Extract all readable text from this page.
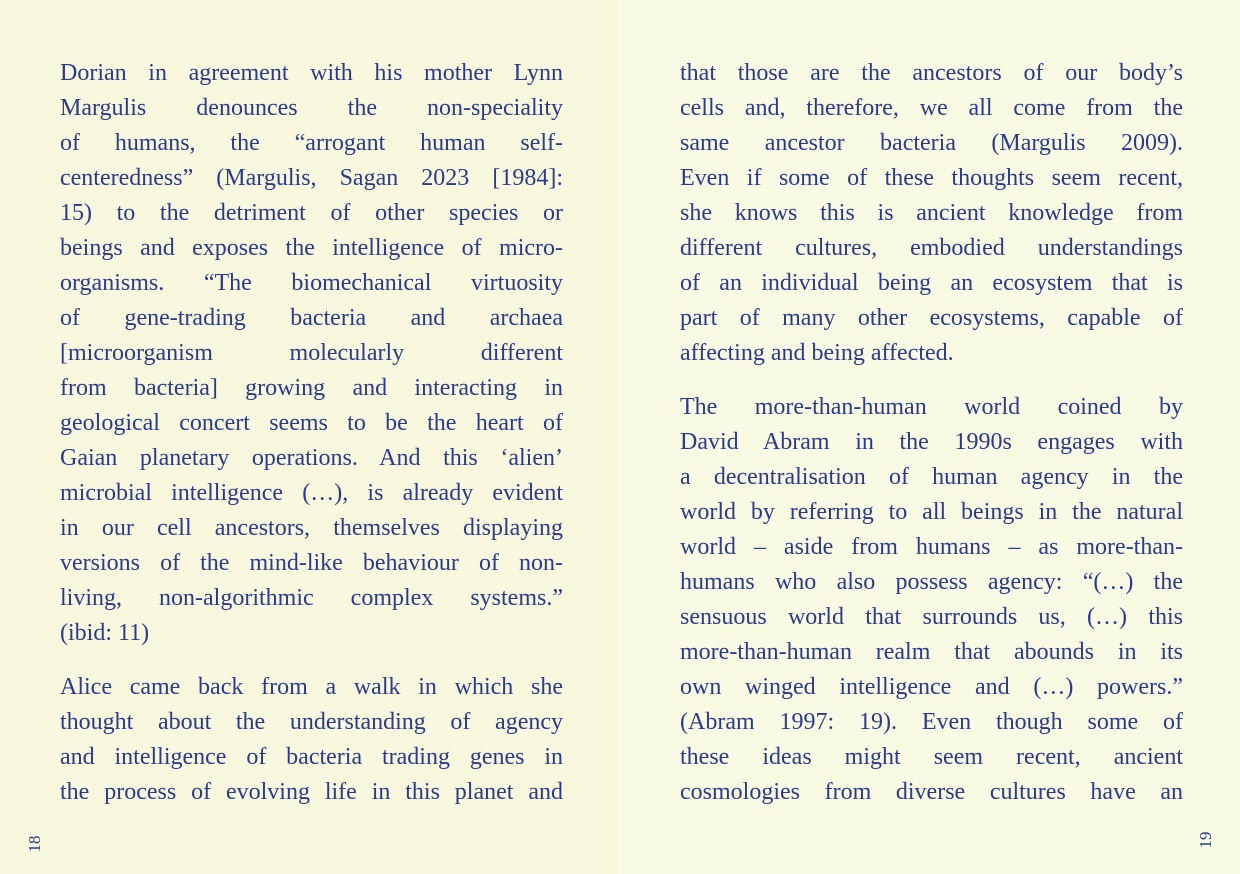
Dorian in agreement with his mother Lynn
Margulis denounces the non-speciality
of humans, the “arrogant human self-
centeredness” (Margulis, Sagan 2023 [1984]:
15) to the detriment of other species or
beings and exposes the intelligence of micro-
organisms. “The biomechanical virtuosity
of gene-trading bacteria and archaea
[microorganism molecularly different
from bacteria] growing and interacting in
geological concert seems to be the heart of
Gaian planetary operations. And this ‘alien’
microbial intelligence (…), is already evident
in our cell ancestors, themselves displaying
versions of the mind-like behaviour of non-
living, non-algorithmic complex systems.”
(ibid: 11)
Alice came back from a walk in which she
thought about the understanding of agency
and intelligence of bacteria trading genes in
the process of evolving life in this planet and
18
that those are the ancestors of our body’s
cells and, therefore, we all come from the
same ancestor bacteria (Margulis 2009).
Even if some of these thoughts seem recent,
she knows this is ancient knowledge from
different cultures, embodied understandings
of an individual being an ecosystem that is
part of many other ecosystems, capable of
affecting and being affected.
The more-than-human world coined by
David Abram in the 1990s engages with
a decentralisation of human agency in the
world by referring to all beings in the natural
world – aside from humans – as more-than-
humans who also possess agency: “(…) the
sensuous world that surrounds us, (…) this
more-than-human realm that abounds in its
own winged intelligence and (…) powers.”
(Abram 1997: 19). Even though some of
these ideas might seem recent, ancient
cosmologies from diverse cultures have an
19
